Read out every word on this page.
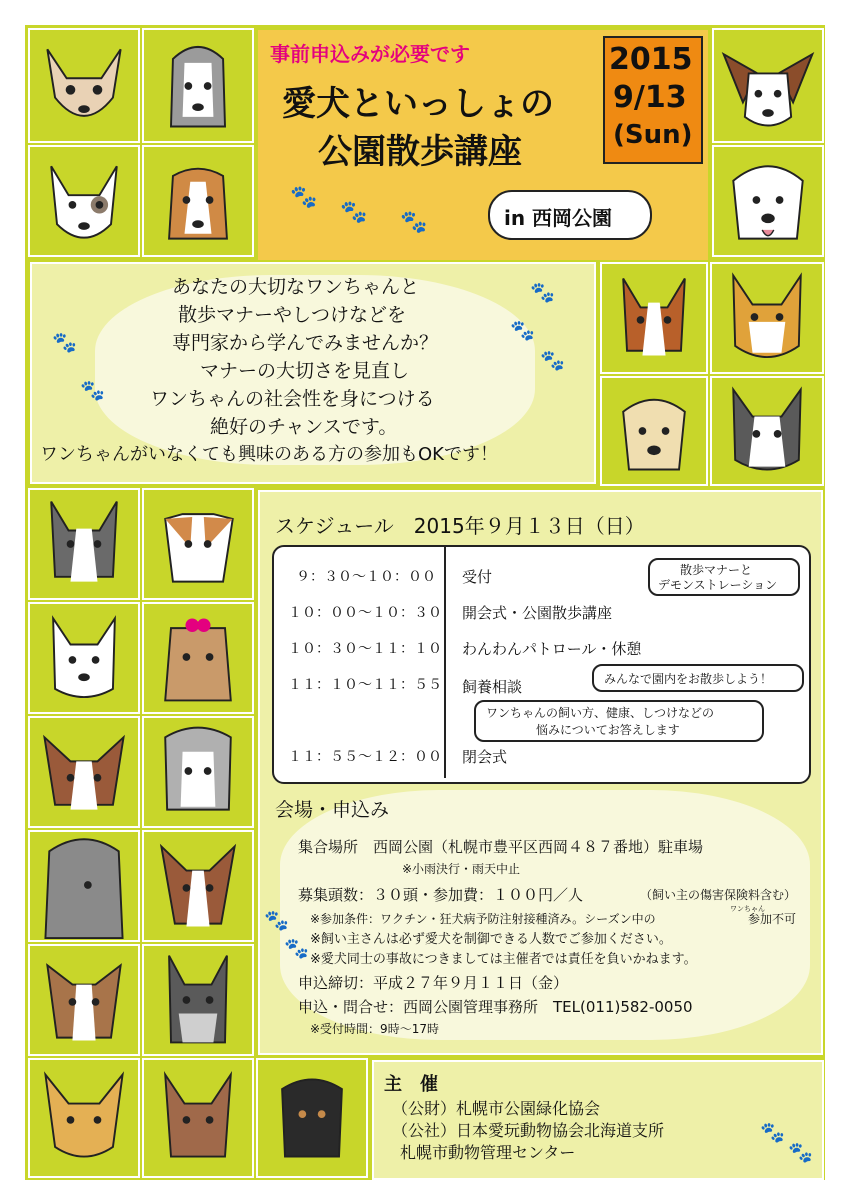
事前申込みが必要です
愛犬といっしょの
公園散歩講座
in 西岡公園
2015
9/13
(Sun)
🐾
🐾 🐾
あなたの大切なワンちゃんと
散歩マナーやしつけなどを
専門家から学んでみませんか？
マナーの大切さを見直し
ワンちゃんの社会性を身につける
絶好のチャンスです。
ワンちゃんがいなくても興味のある方の参加もOKです！
🐾
🐾
🐾
🐾
🐾
スケジュール　2015年９月１３日（日）
９：３０～１０：００ 受付
１０：００～１０：３０ 開会式・公園散歩講座
１０：３０～１１：１０ わんわんパトロール・休憩
１１：１０～１１：５５ 飼養相談
１１：５５～１２：００ 閉会式
散歩マナーと
デモンストレーション
みんなで園内をお散歩しよう！
ワンちゃんの飼い方、健康、しつけなどの
悩みについてお答えします
会場・申込み
集合場所　西岡公園（札幌市豊平区西岡４８７番地）駐車場
※小雨決行・雨天中止
募集頭数：３０頭・参加費：１００円／人	（飼い主の傷害保険料含む）
※参加条件：ワクチン・狂犬病予防注射接種済み。シーズン中の
ワンちゃん
参加不可
※飼い主さんは必ず愛犬を制御できる人数でご参加ください。
※愛犬同士の事故につきましては主催者では責任を負いかねます。
申込締切：平成２７年９月１１日（金）
申込・問合せ：西岡公園管理事務所　TEL(011)582-0050
※受付時間：9時～17時
🐾
🐾
主　催
（公財）札幌市公園緑化協会
（公社）日本愛玩動物協会北海道支所
札幌市動物管理センター
🐾
🐾
